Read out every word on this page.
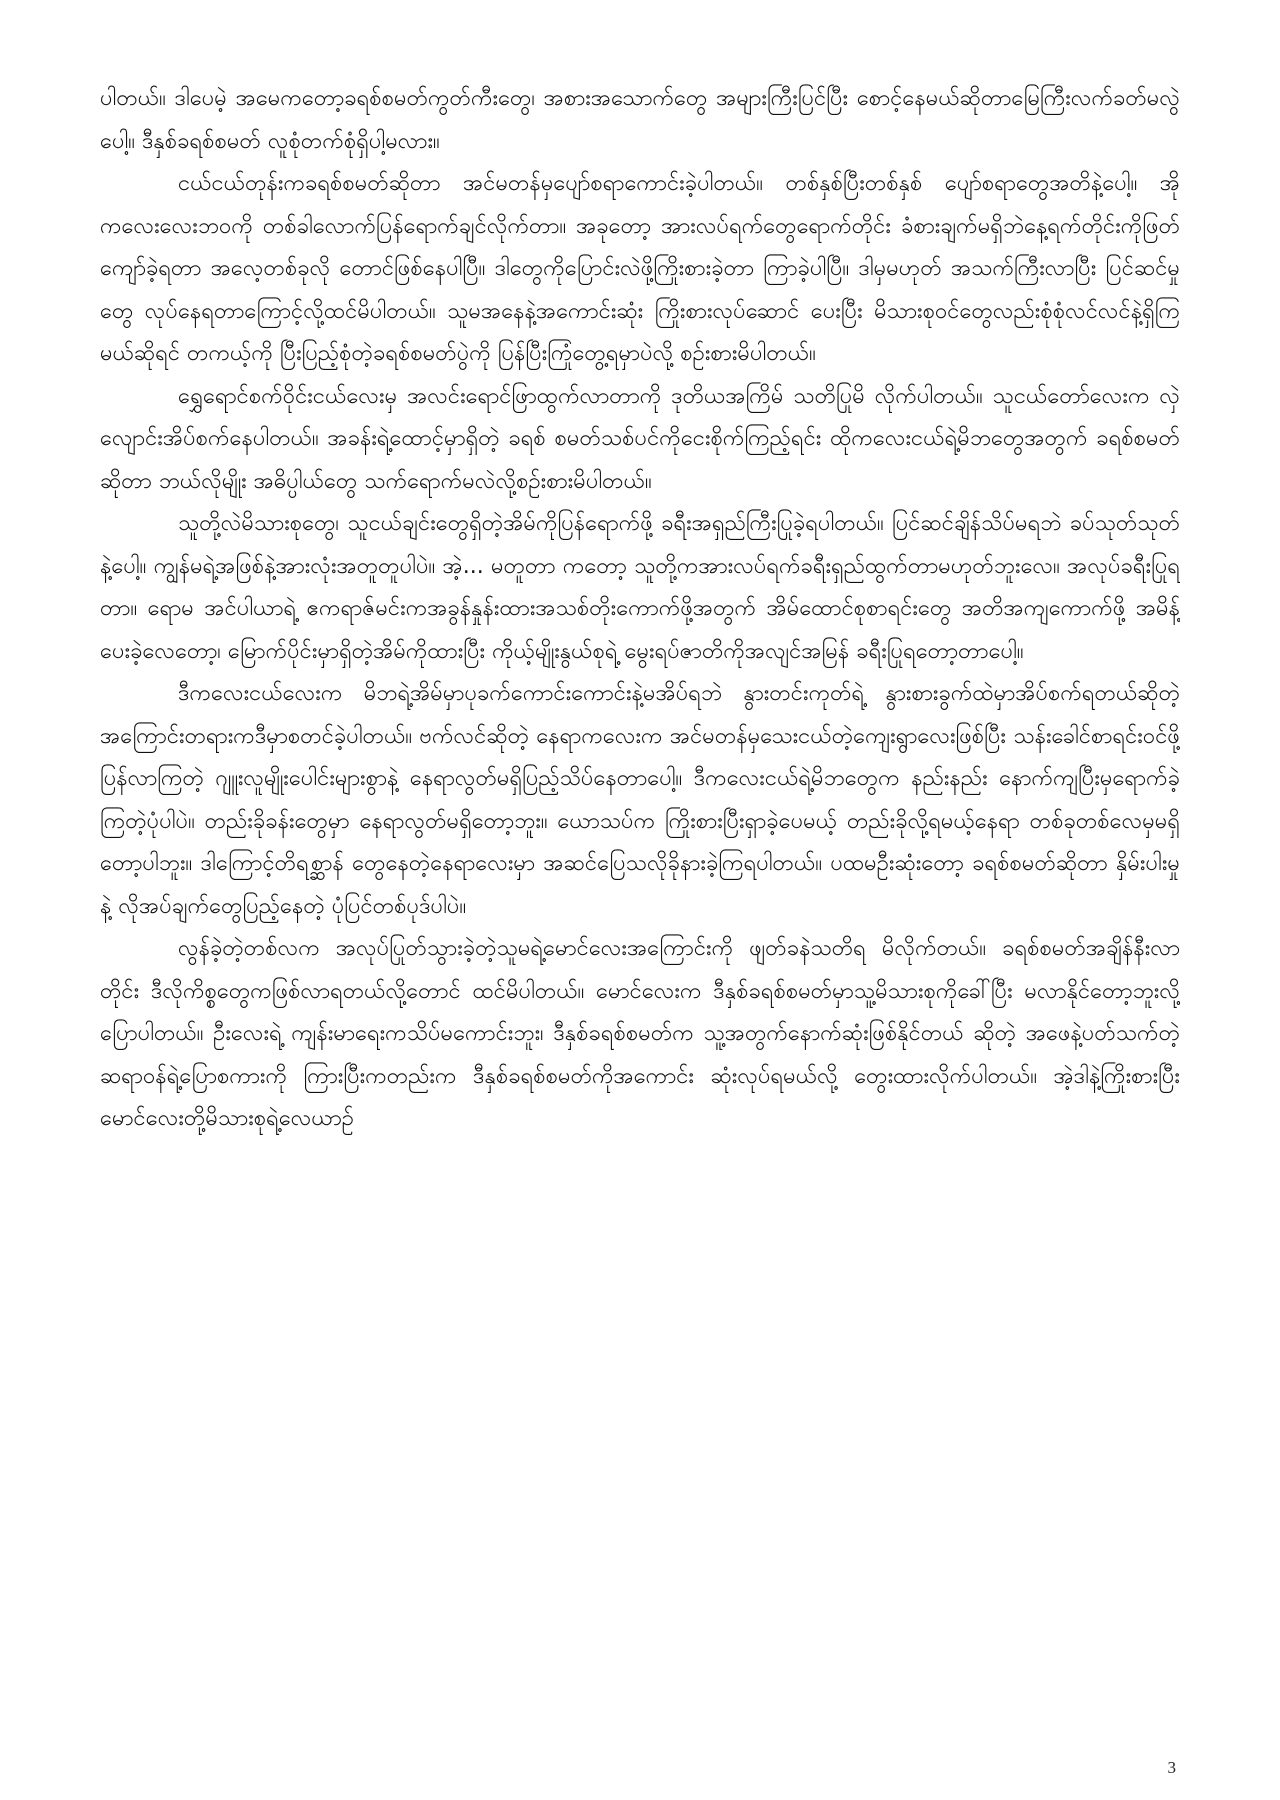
ပါတယ်။ ဒါပေမဲ့ အမေကတော့ခရစ်စမတ်ကွတ်ကီးတွေ၊ အစားအသောက်တွေ အများကြီးပြင်ပြီး စောင့်နေမယ်ဆိုတာမြေကြီးလက်ခတ်မလွဲပေါ့။ ဒီနှစ်ခရစ်စမတ် လူစုံတက်စုံရှိပါ့မလား။

ငယ်ငယ်တုန်းကခရစ်စမတ်ဆိုတာ အင်မတန်မှပျော်စရာကောင်းခဲ့ပါတယ်။ တစ်နှစ်ပြီးတစ်နှစ် ပျော်စရာတွေအတိနဲ့ပေါ့။ အို ကလေးလေးဘဝကို တစ်ခါလောက်ပြန်ရောက်ချင်လိုက်တာ။ အခုတော့ အားလပ်ရက်တွေရောက်တိုင်း ခံစားချက်မရှိဘဲနေ့ရက်တိုင်းကိုဖြတ်ကျော်ခဲ့ရတာ အလေ့တစ်ခုလို တောင်ဖြစ်နေပါပြီ။ ဒါတွေကိုပြောင်းလဲဖို့ကြိုးစားခဲ့တာ ကြာခဲ့ပါပြီ။ ဒါမှမဟုတ် အသက်ကြီးလာပြီး ပြင်ဆင်မှုတွေ လုပ်နေရတာကြောင့်လို့ထင်မိပါတယ်။ သူမအနေနဲ့အကောင်းဆုံး ကြိုးစားလုပ်ဆောင် ပေးပြီး မိသားစုဝင်တွေလည်းစုံစုံလင်လင်နဲ့ရှိကြမယ်ဆိုရင် တကယ့်ကို ပြီးပြည့်စုံတဲ့ခရစ်စမတ်ပွဲကို ပြန်ပြီးကြုံတွေ့ရမှာပဲလို့ စဉ်းစားမိပါတယ်။

ရွှေရောင်စက်ဝိုင်းငယ်လေးမှ အလင်းရောင်ဖြာထွက်လာတာကို ဒုတိယအကြိမ် သတိပြုမိ လိုက်ပါတယ်။ သူငယ်တော်လေးက လှဲလျောင်းအိပ်စက်နေပါတယ်။ အခန်းရဲ့ထောင့်မှာရှိတဲ့ ခရစ် စမတ်သစ်ပင်ကိုငေးစိုက်ကြည့်ရင်း ထိုကလေးငယ်ရဲ့မိဘတွေအတွက် ခရစ်စမတ်ဆိုတာ ဘယ်လိုမျိုး အဓိပ္ပါယ်တွေ သက်ရောက်မလဲလို့စဉ်းစားမိပါတယ်။

သူတို့လဲမိသားစုတွေ၊ သူငယ်ချင်းတွေရှိတဲ့အိမ်ကိုပြန်ရောက်ဖို့ ခရီးအရှည်ကြီးပြုခဲ့ရပါတယ်။ ပြင်ဆင်ချိန်သိပ်မရဘဲ ခပ်သုတ်သုတ်နဲ့ပေါ့။ ကျွန်မရဲ့အဖြစ်နဲ့အားလုံးအတူတူပါပဲ။ အဲ့... မတူတာ ကတော့ သူတို့ကအားလပ်ရက်ခရီးရှည်ထွက်တာမဟုတ်ဘူးလေ။ အလုပ်ခရီးပြုရတာ။ ရောမ အင်ပါယာရဲ့ ဧကရာဇ်မင်းကအခွန်နှုန်းထားအသစ်တိုးကောက်ဖို့အတွက် အိမ်ထောင်စုစာရင်းတွေ အတိအကျကောက်ဖို့ အမိန့်ပေးခဲ့လေတော့၊ မြောက်ပိုင်းမှာရှိတဲ့အိမ်ကိုထားပြီး ကိုယ့်မျိုးနွယ်စုရဲ့ မွေးရပ်ဇာတိကိုအလျင်အမြန် ခရီးပြုရတော့တာပေါ့။

ဒီကလေးငယ်လေးက မိဘရဲ့အိမ်မှာပုခက်ကောင်းကောင်းနဲ့မအိပ်ရဘဲ နွားတင်းကုတ်ရဲ့ နွားစားခွက်ထဲမှာအိပ်စက်ရတယ်ဆိုတဲ့ အကြောင်းတရားကဒီမှာစတင်ခဲ့ပါတယ်။ ဗက်လင်ဆိုတဲ့ နေရာကလေးက အင်မတန်မှသေးငယ်တဲ့ကျေးရွာလေးဖြစ်ပြီး သန်းခေါင်စာရင်းဝင်ဖို့ ပြန်လာကြတဲ့ ဂျူးလူမျိုးပေါင်းများစွာနဲ့ နေရာလွတ်မရှိပြည့်သိပ်နေတာပေါ့။ ဒီကလေးငယ်ရဲ့မိဘတွေက နည်းနည်း နောက်ကျပြီးမှရောက်ခဲ့ကြတဲ့ပုံပါပဲ။ တည်းခိုခန်းတွေမှာ နေရာလွတ်မရှိတော့ဘူး။ ယောသပ်က ကြိုးစားပြီးရှာခဲ့ပေမယ့် တည်းခိုလို့ရမယ့်နေရာ တစ်ခုတစ်လေမှမရှိတော့ပါဘူး။ ဒါကြောင့်တိရစ္ဆာန် တွေနေတဲ့နေရာလေးမှာ အဆင်ပြေသလိုခိုနားခဲ့ကြရပါတယ်။ ပထမဦးဆုံးတော့ ခရစ်စမတ်ဆိုတာ နှိမ်းပါးမှုနဲ့ လိုအပ်ချက်တွေပြည့်နေတဲ့ ပုံပြင်တစ်ပုဒ်ပါပဲ။

လွန်ခဲ့တဲ့တစ်လက အလုပ်ပြုတ်သွားခဲ့တဲ့သူမရဲ့မောင်လေးအကြောင်းကို ဖျတ်ခနဲသတိရ မိလိုက်တယ်။ ခရစ်စမတ်အချိန်နီးလာတိုင်း ဒီလိုကိစ္စတွေကဖြစ်လာရတယ်လို့တောင် ထင်မိပါတယ်။ မောင်လေးက ဒီနှစ်ခရစ်စမတ်မှာသူ့မိသားစုကိုခေါ်ပြီး မလာနိုင်တော့ဘူးလို့ ပြောပါတယ်။ ဦးလေးရဲ့ ကျန်းမာရေးကသိပ်မကောင်းဘူး၊ ဒီနှစ်ခရစ်စမတ်က သူ့အတွက်နောက်ဆုံးဖြစ်နိုင်တယ် ဆိုတဲ့ အဖေနဲ့ပတ်သက်တဲ့ဆရာဝန်ရဲ့ပြောစကားကို ကြားပြီးကတည်းက ဒီနှစ်ခရစ်စမတ်ကိုအကောင်း ဆုံးလုပ်ရမယ်လို့ တွေးထားလိုက်ပါတယ်။ အဲ့ဒါနဲ့ကြိုးစားပြီး မောင်လေးတို့မိသားစုရဲ့လေယာဉ်

3
